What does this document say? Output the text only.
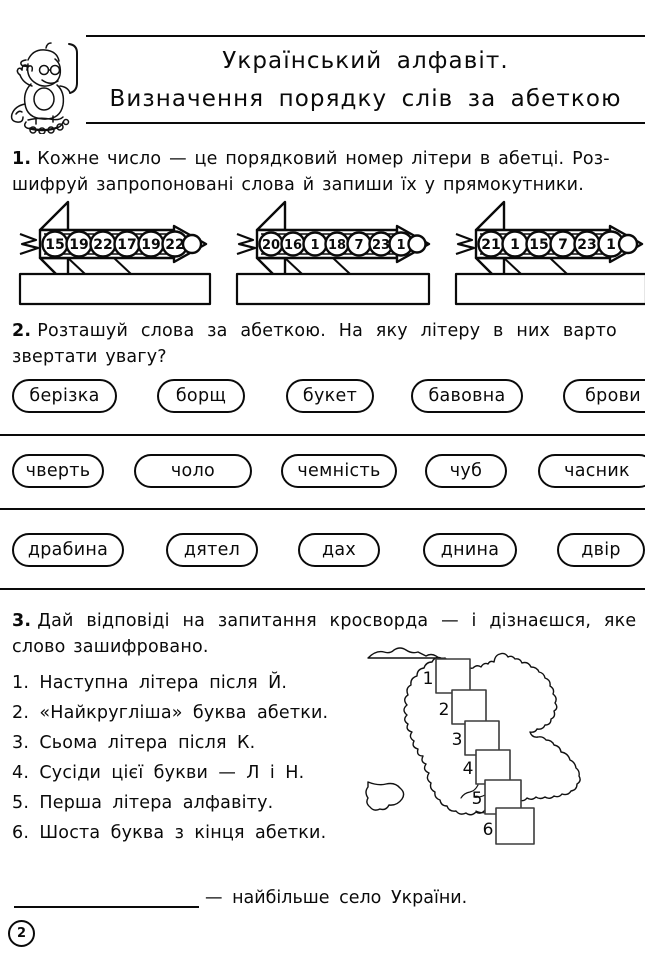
Український алфавіт.
Визначення порядку слів за абеткою
1. Кожне число — це порядковий номер літери в абетці. Роз-
шифруй запропоновані слова й запиши їх у прямокутники.
15 19 22 17 19 22	20 16 1 18 7 23 1	21 1 15 7 23 1
2. Розташуй слова за абеткою. На яку літеру в них варто
звертати увагу?
берізка	борщ	букет	бавовна	брови
чверть	чоло	чемність	чуб	часник
драбина	дятел	дах	днина	двір
3. Дай відповіді на запитання кросворда — і дізнаєшся, яке
слово зашифровано.
1. Наступна літера після Й.
2. «Найкругліша» буква абетки.
3. Сьома літера після К.
4. Сусіди цієї букви — Л і Н.
5. Перша літера алфавіту.
6. Шоста буква з кінця абетки.
1
2
3
4
5
6
— найбільше село України.
2
